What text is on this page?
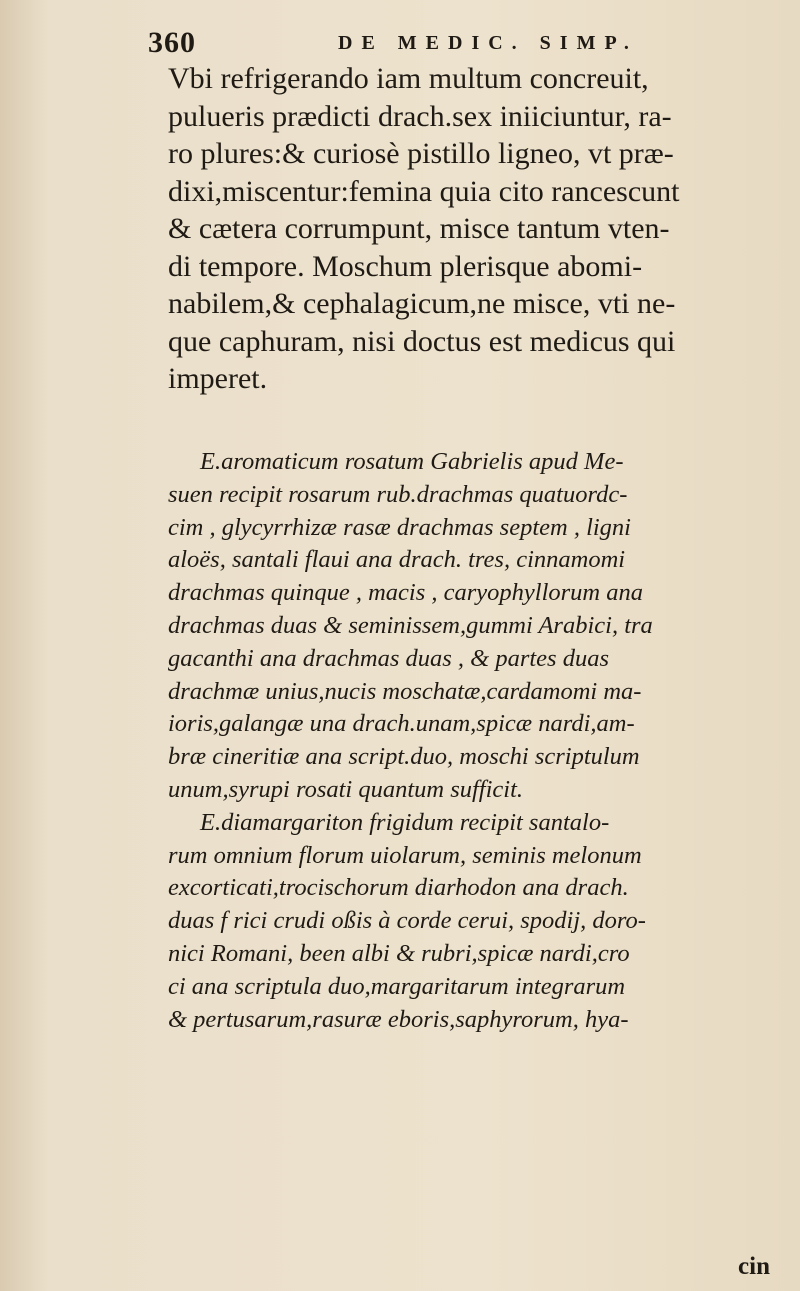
360	DE MEDIC. SIMP.
Vbi refrigerando iam multum concreuit,
pulueris prædicti drach.sex iniiciuntur, ra-
ro plures:& curiosè pistillo ligneo, vt præ-
dixi,miscentur:femina quia cito rancescunt
& cætera corrumpunt, misce tantum vten-
di tempore. Moschum plerisque abomi-
nabilem,& cephalagicum,ne misce, vti ne-
que caphuram, nisi doctus est medicus qui
imperet.
E.aromaticum rosatum Gabrielis apud Me-
suen recipit rosarum rub.drachmas quatuordc-
cim , glycyrrhizæ rasæ drachmas septem , ligni
aloës, santali flaui ana drach. tres, cinnamomi
drachmas quinque , macis , caryophyllorum ana
drachmas duas & seminissem,gummi Arabici, tra
gacanthi ana drachmas duas , & partes duas
drachmæ unius,nucis moschatæ,cardamomi ma-
ioris,galangæ una drach.unam,spicæ nardi,am-
bræ cineritiæ ana script.duo, moschi scriptulum
unum,syrupi rosati quantum sufficit.
E.diamargariton frigidum recipit santalo-
rum omnium florum uiolarum, seminis melonum
excorticati,trocischorum diarhodon ana drach.
duas f rici crudi oßis à corde cerui, spodij, doro-
nici Romani, been albi & rubri,spicæ nardi,cro
ci ana scriptula duo,margaritarum integrarum
& pertusarum,rasuræ eboris,saphyrorum, hya-
cin
